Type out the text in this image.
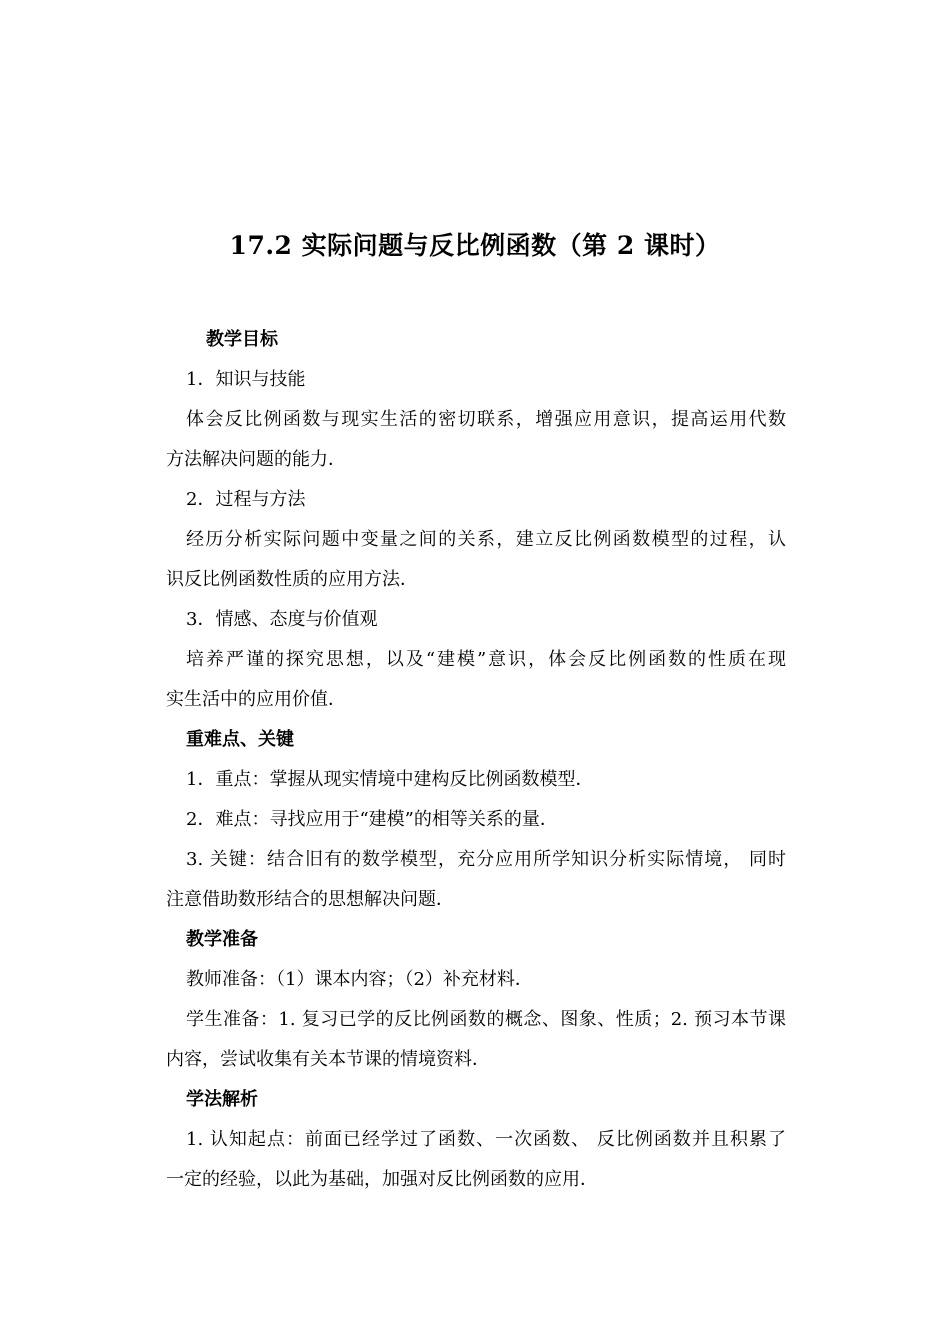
17.2 实际问题与反比例函数（第 2 课时）
教学目标
1．知识与技能
体会反比例函数与现实生活的密切联系，增强应用意识，提高运用代数
方法解决问题的能力．
2．过程与方法
经历分析实际问题中变量之间的关系，建立反比例函数模型的过程，认
识反比例函数性质的应用方法．
3．情感、态度与价值观
培养严谨的探究思想，以及“建模”意识，体会反比例函数的性质在现
实生活中的应用价值．
重难点、关键
1．重点：掌握从现实情境中建构反比例函数模型．
2．难点：寻找应用于“建模”的相等关系的量．
3. 关键：结合旧有的数学模型，充分应用所学知识分析实际情境， 同时
注意借助数形结合的思想解决问题．
教学准备
教师准备：（1）课本内容；（2）补充材料．
学生准备：1. 复习已学的反比例函数的概念、图象、性质；2. 预习本节课
内容，尝试收集有关本节课的情境资料．
学法解析
1. 认知起点：前面已经学过了函数、一次函数、 反比例函数并且积累了
一定的经验，以此为基础，加强对反比例函数的应用．
